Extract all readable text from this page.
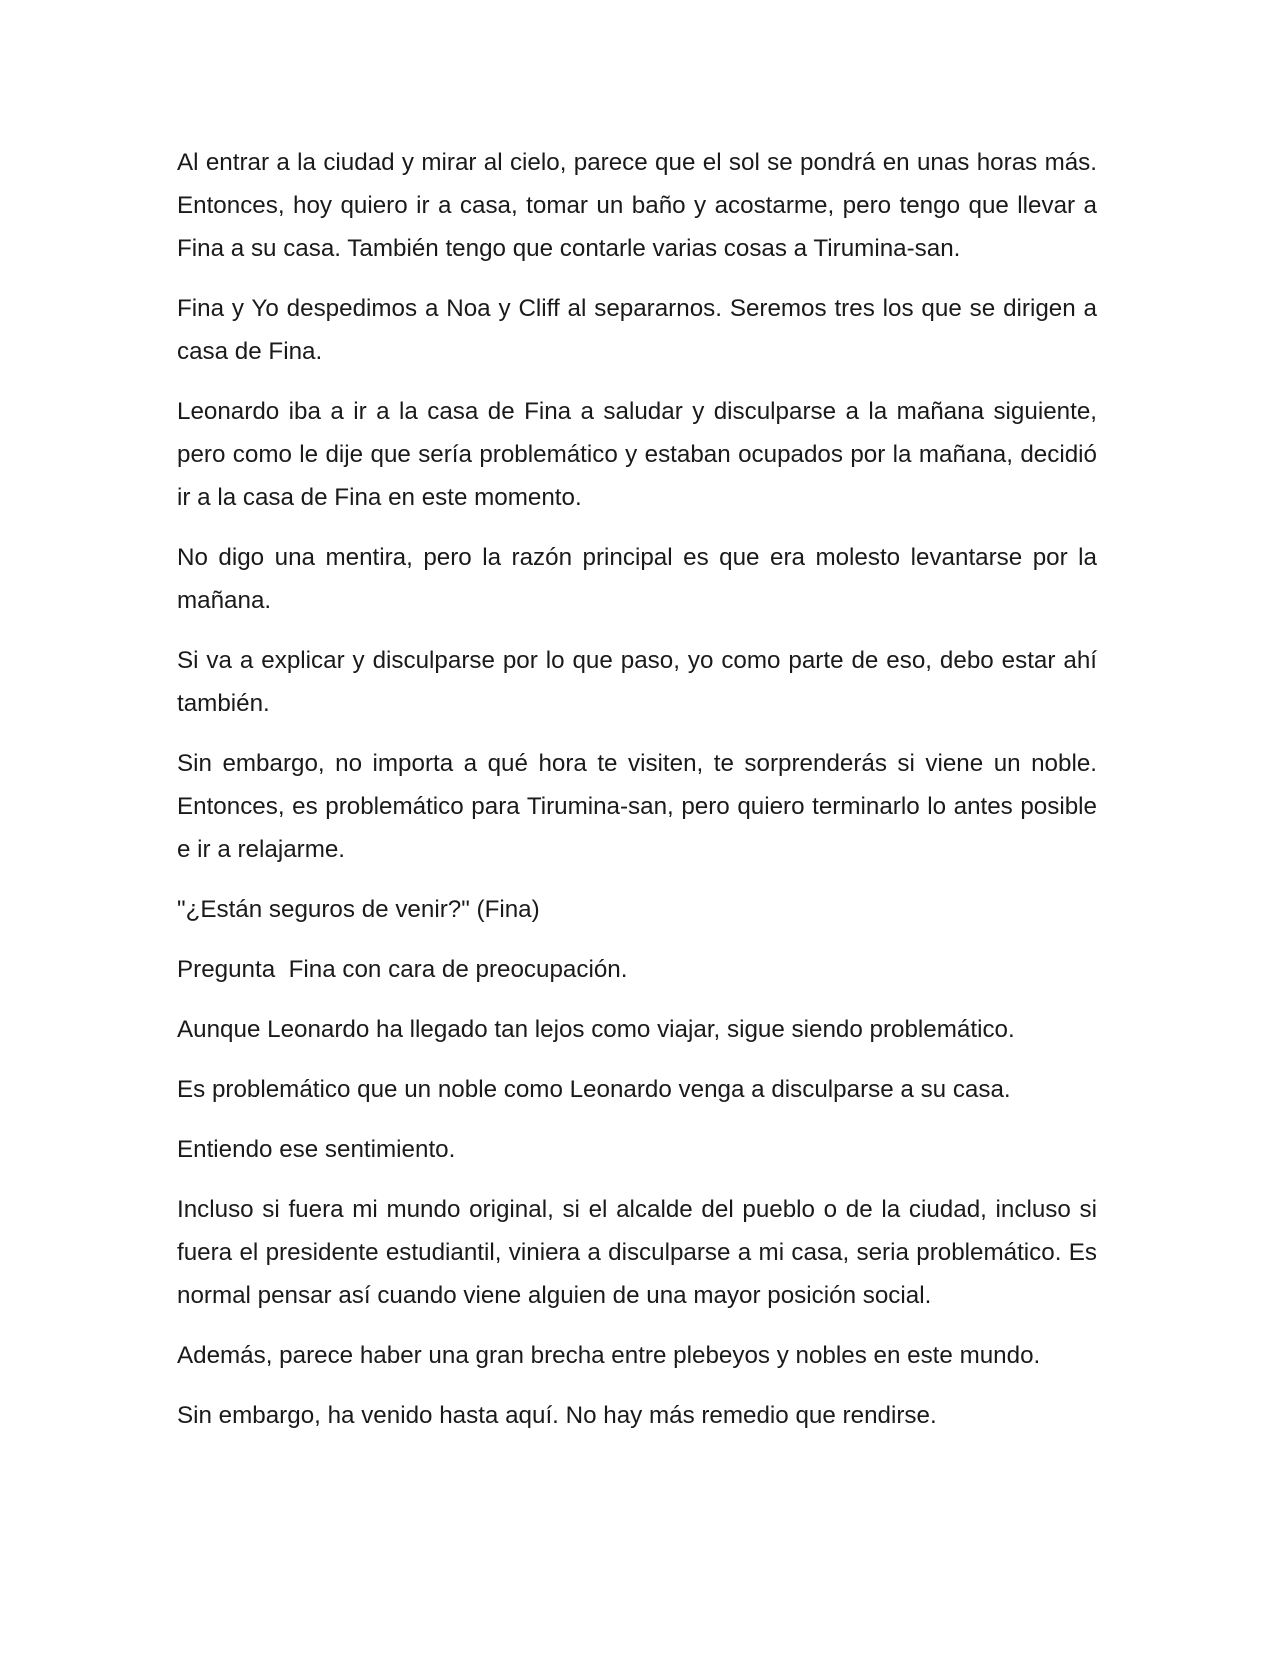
Al entrar a la ciudad y mirar al cielo, parece que el sol se pondrá en unas horas más. Entonces, hoy quiero ir a casa, tomar un baño y acostarme, pero tengo que llevar a Fina a su casa. También tengo que contarle varias cosas a Tirumina-san.

Fina y Yo despedimos a Noa y Cliff al separarnos. Seremos tres los que se dirigen a casa de Fina.

Leonardo iba a ir a la casa de Fina a saludar y disculparse a la mañana siguiente, pero como le dije que sería problemático y estaban ocupados por la mañana, decidió ir a la casa de Fina en este momento.

No digo una mentira, pero la razón principal es que era molesto levantarse por la mañana.

Si va a explicar y disculparse por lo que paso, yo como parte de eso, debo estar ahí también.

Sin embargo, no importa a qué hora te visiten, te sorprenderás si viene un noble. Entonces, es problemático para Tirumina-san, pero quiero terminarlo lo antes posible e ir a relajarme.

"¿Están seguros de venir?" (Fina)

Pregunta  Fina con cara de preocupación.

Aunque Leonardo ha llegado tan lejos como viajar, sigue siendo problemático.

Es problemático que un noble como Leonardo venga a disculparse a su casa.

Entiendo ese sentimiento.

Incluso si fuera mi mundo original, si el alcalde del pueblo o de la ciudad, incluso si fuera el presidente estudiantil, viniera a disculparse a mi casa, seria problemático. Es normal pensar así cuando viene alguien de una mayor posición social.

Además, parece haber una gran brecha entre plebeyos y nobles en este mundo.

Sin embargo, ha venido hasta aquí. No hay más remedio que rendirse.
